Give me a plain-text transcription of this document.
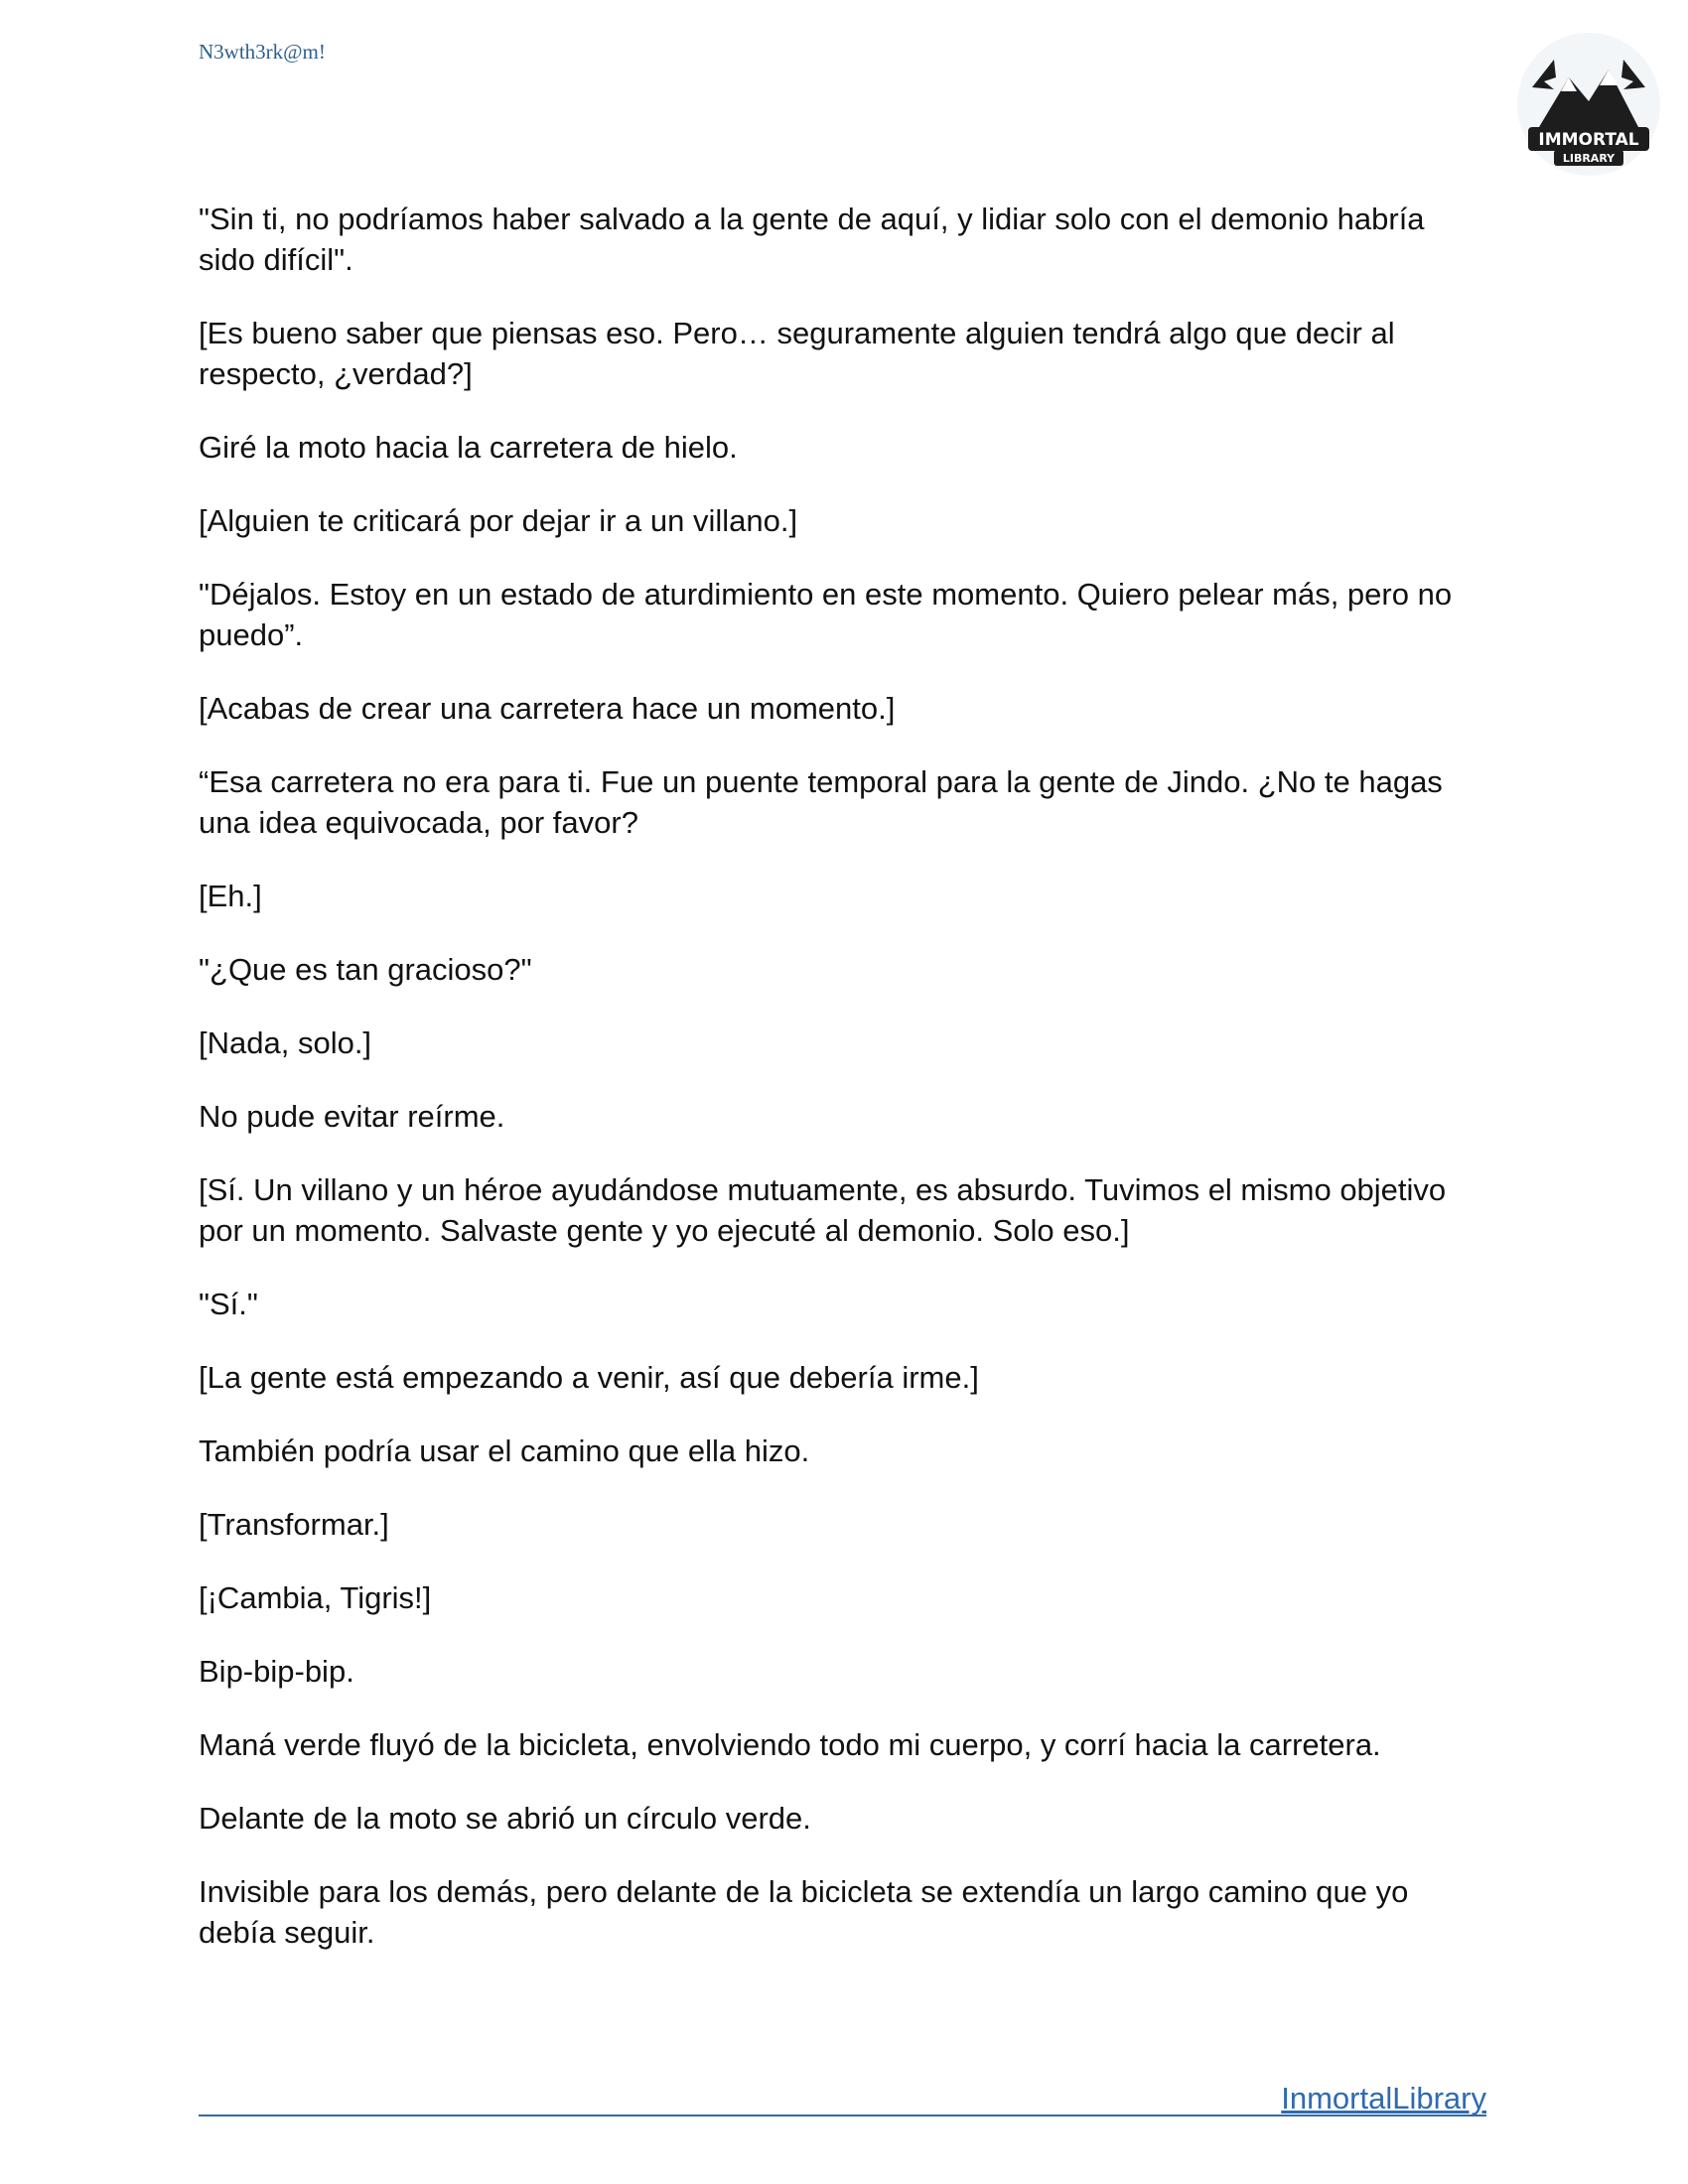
N3wth3rk@m!
IMMORTAL
LIBRARY

"Sin ti, no podríamos haber salvado a la gente de aquí, y lidiar solo con el demonio habría sido difícil".

[Es bueno saber que piensas eso. Pero… seguramente alguien tendrá algo que decir al respecto, ¿verdad?]

Giré la moto hacia la carretera de hielo.

[Alguien te criticará por dejar ir a un villano.]

"Déjalos. Estoy en un estado de aturdimiento en este momento. Quiero pelear más, pero no puedo”.

[Acabas de crear una carretera hace un momento.]

“Esa carretera no era para ti. Fue un puente temporal para la gente de Jindo. ¿No te hagas una idea equivocada, por favor?

[Eh.]

"¿Que es tan gracioso?"

[Nada, solo.]

No pude evitar reírme.

[Sí. Un villano y un héroe ayudándose mutuamente, es absurdo. Tuvimos el mismo objetivo por un momento. Salvaste gente y yo ejecuté al demonio. Solo eso.]

"Sí."

[La gente está empezando a venir, así que debería irme.]

También podría usar el camino que ella hizo.

[Transformar.]

[¡Cambia, Tigris!]

Bip-bip-bip.

Maná verde fluyó de la bicicleta, envolviendo todo mi cuerpo, y corrí hacia la carretera.

Delante de la moto se abrió un círculo verde.

Invisible para los demás, pero delante de la bicicleta se extendía un largo camino que yo debía seguir.

InmortalLibrary
